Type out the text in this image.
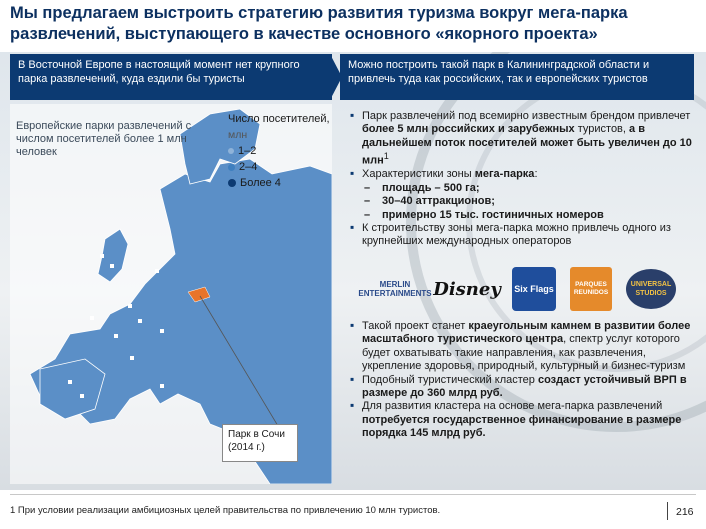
Мы предлагаем выстроить стратегию развития туризма вокруг мега-парка развлечений, выступающего в качестве основного «якорного проекта»
В Восточной Европе в настоящий момент нет крупного парка развлечений, куда ездили бы туристы
Можно построить такой парк в Калининградской области и привлечь туда как российских, так и европейских туристов
Европейские парки развлечений с числом посетителей более 1 млн человек
Число посетителей,
млн
1–2
2–4
Более 4
Парк в Сочи (2014 г.)
▪ Парк развлечений под всемирно известным брендом привлечет более 5 млн российских и зарубежных туристов, а в дальнейшем поток посетителей может быть увеличен до 10 млн$^1$
▪ Характеристики зоны мега-парка:
– площадь – 500 га;
– 30–40 аттракционов;
– примерно 15 тыс. гостиничных номеров
▪ К строительству зоны мега-парка можно привлечь одного из крупнейших международных операторов
MERLIN ENTERTAINMENTS Disney Six Flags	PARQUES REUNIDOS
UNIVERSAL STUDIOS
▪ Такой проект станет краеугольным камнем в развитии более масштабного туристического центра, спектр услуг которого будет охватывать такие направления, как развлечения, укрепление здоровья, природный, культурный и бизнес-туризм
▪ Подобный туристический кластер создаст устойчивый ВРП в размере до 360 млрд руб.
▪ Для развития кластера на основе мега-парка развлечений потребуется государственное финансирование в размере порядка 145 млрд руб.
1 При условии реализации амбициозных целей правительства по привлечению 10 млн туристов.	216
